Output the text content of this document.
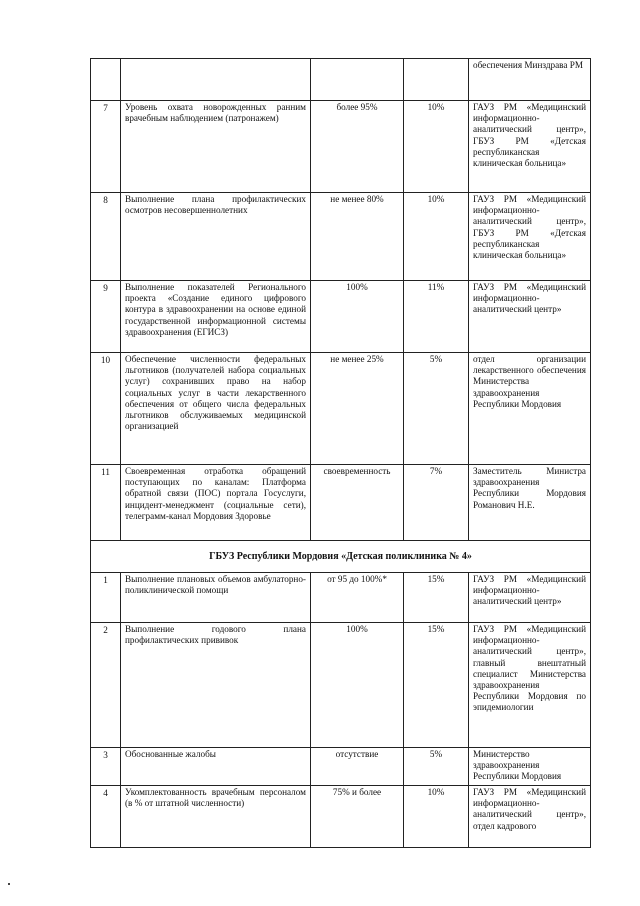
				обеспечения Минздрава РМ
7	Уровень охвата новорожденных ранним врачебным наблюдением (патронажем)	более 95%	10%	ГАУЗ РМ «Медицинский информационно-аналитический центр», ГБУЗ РМ «Детская республиканская клиническая больница»
8	Выполнение плана профилактических осмотров несовершеннолетних	не менее 80%	10%	ГАУЗ РМ «Медицинский информационно-аналитический центр», ГБУЗ РМ «Детская республиканская клиническая больница»
9	Выполнение показателей Регионального проекта «Создание единого цифрового контура в здравоохранении на основе единой государственной информационной системы здравоохранения (ЕГИСЗ)	100%	11%	ГАУЗ РМ «Медицинский информационно-аналитический центр»
10	Обеспечение численности федеральных льготников (получателей набора социальных услуг) сохранивших право на набор социальных услуг в части лекарственного обеспечения от общего числа федеральных льготников обслуживаемых медицинской организацией	не менее 25%	5%	отдел организации лекарственного обеспечения Министерства здравоохранения Республики Мордовия
11	Своевременная отработка обращений поступающих по каналам: Платформа обратной связи (ПОС) портала Госуслуги, инцидент-менеджмент (социальные сети), телеграмм-канал Мордовия Здоровье	своевременность	7%	Заместитель Министра здравоохранения Республики Мордовия Романович Н.Е.
ГБУЗ Республики Мордовия «Детская поликлиника № 4»				
1	Выполнение плановых объемов амбулаторно-поликлинической помощи	от 95 до 100%*	15%	ГАУЗ РМ «Медицинский информационно-аналитический центр»
2	Выполнение годового плана профилактических прививок	100%	15%	ГАУЗ РМ «Медицинский информационно-аналитический центр», главный внештатный специалист Министерства здравоохранения Республики Мордовия по эпидемиологии
3	Обоснованные жалобы	отсутствие	5%	Министерство здравоохранения Республики Мордовия
4	Укомплектованность врачебным персоналом (в % от штатной численности)	75% и более	10%	ГАУЗ РМ «Медицинский информационно-аналитический центр», отдел кадрового
